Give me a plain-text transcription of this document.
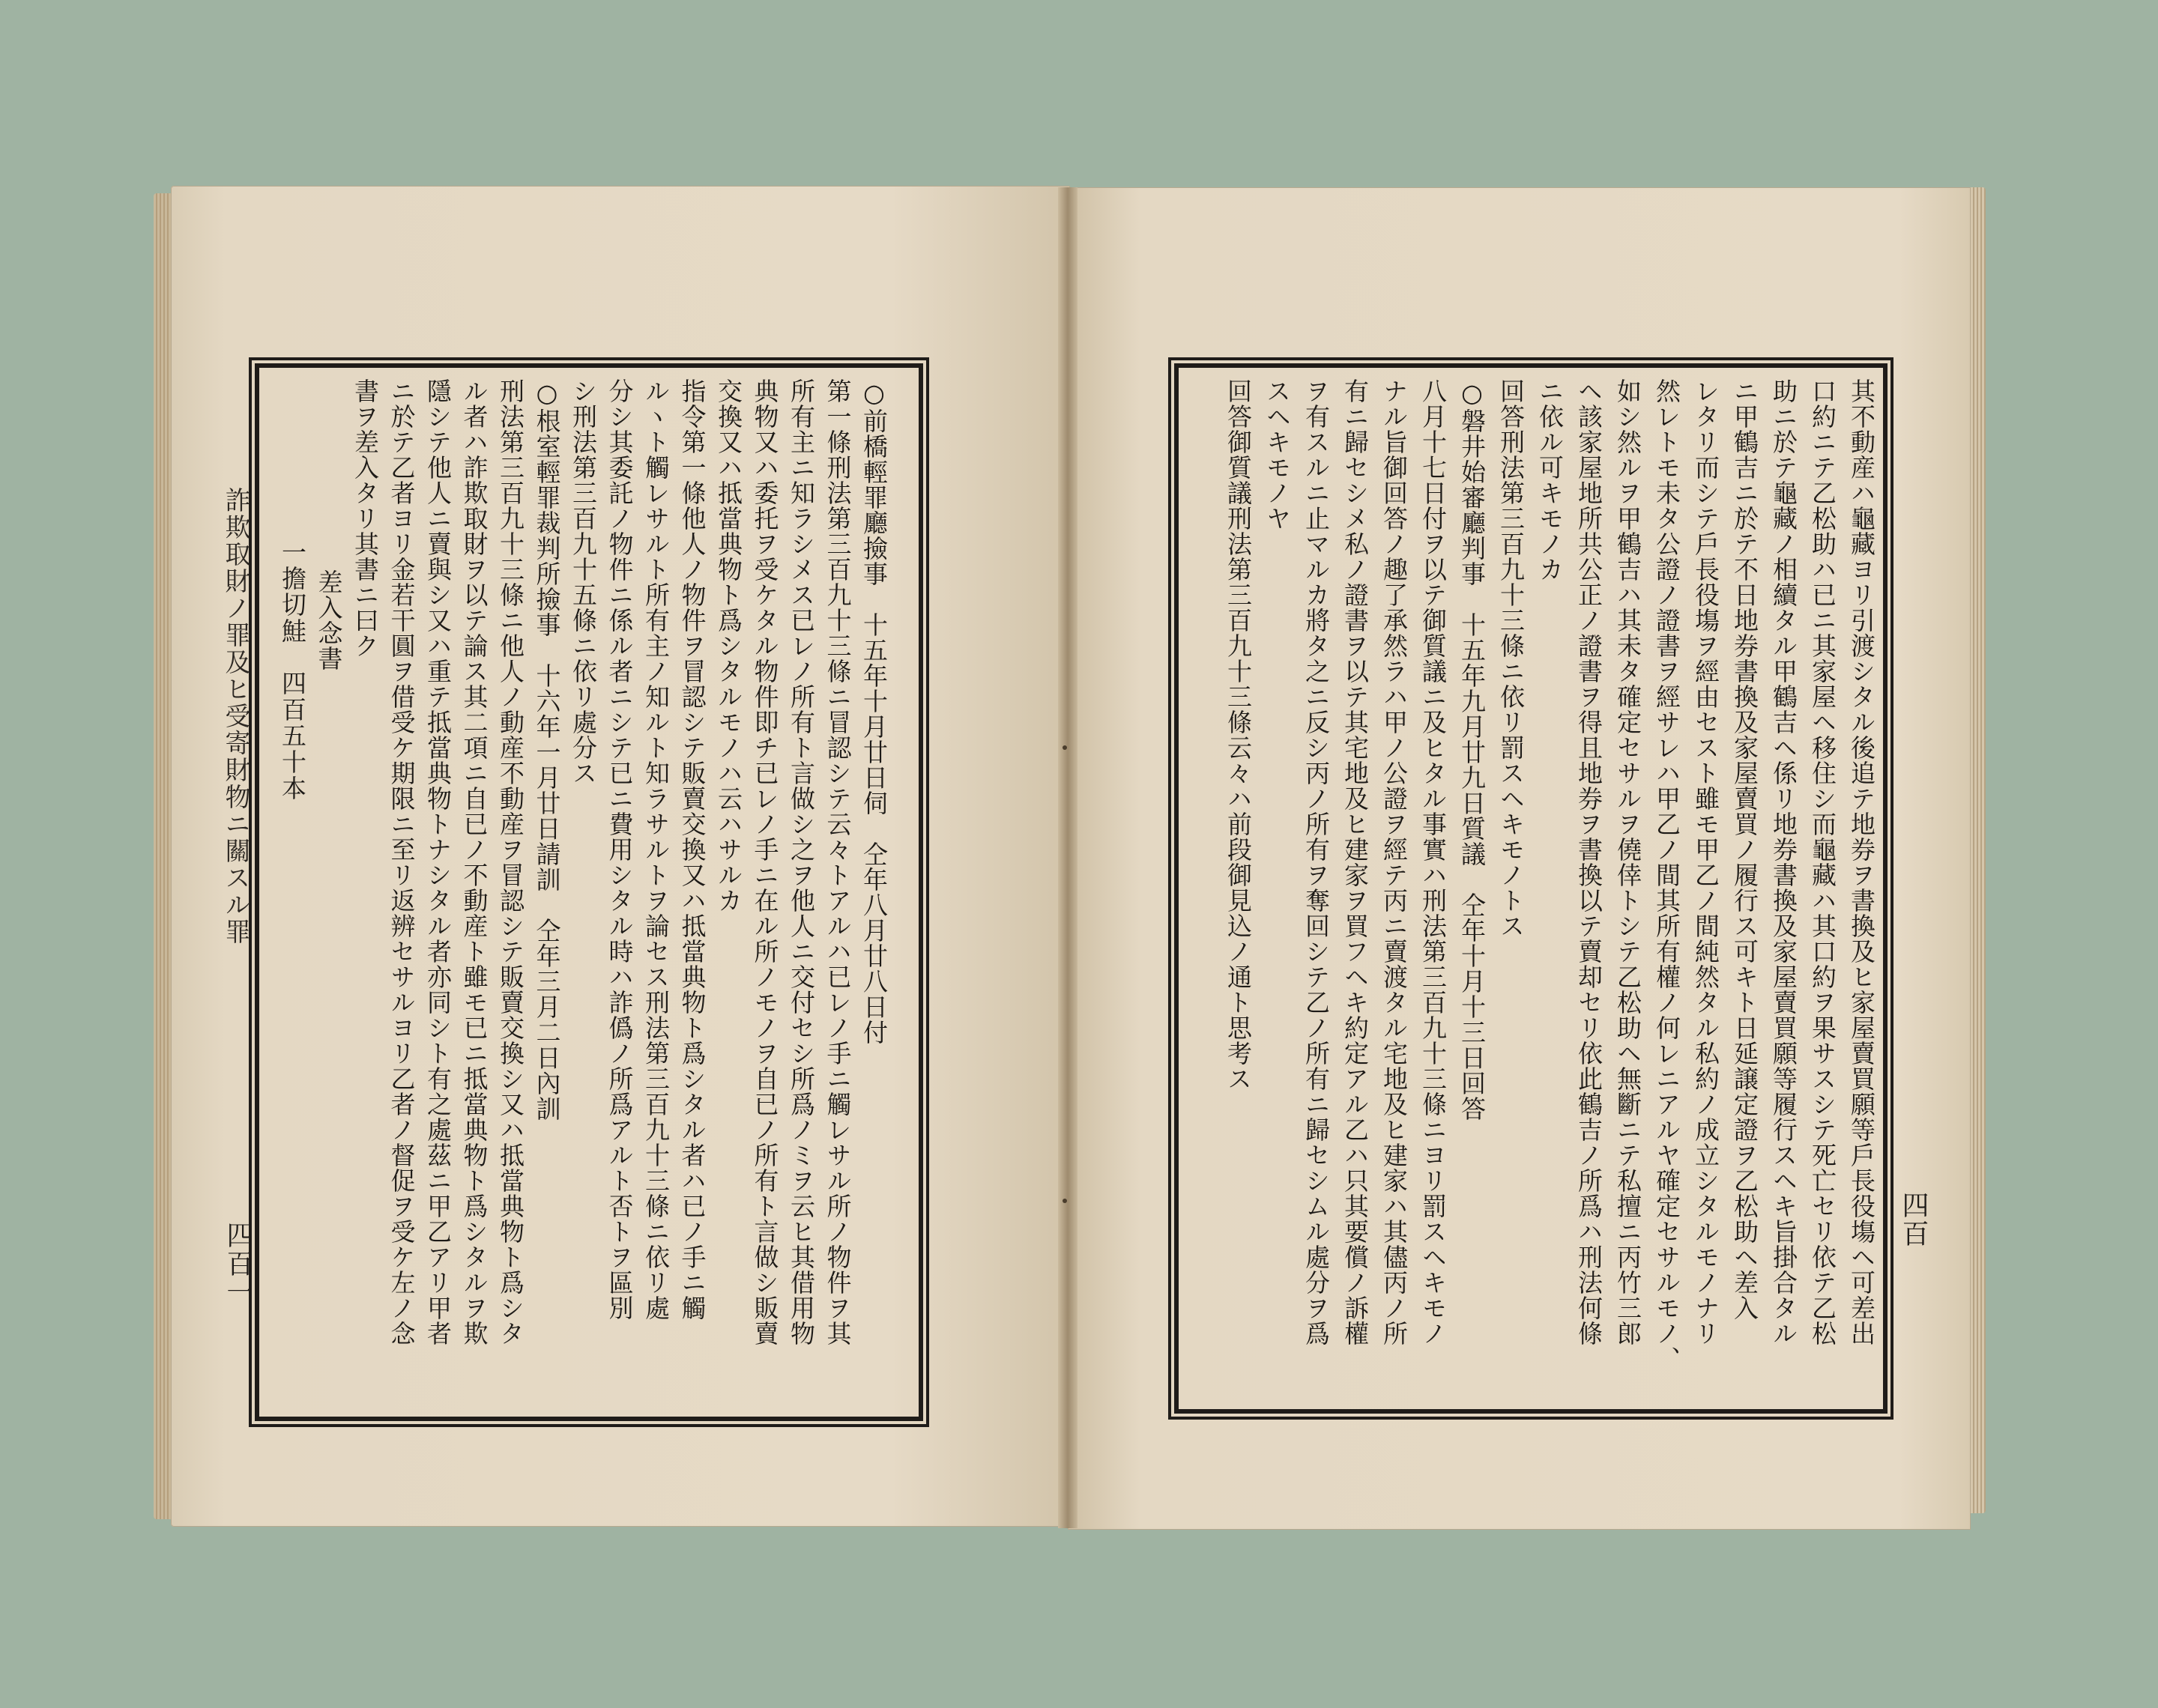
詐欺取財ノ罪及ヒ受寄財物ニ關スル罪
四百一
○前橋輕罪廳撿事　十五年十月廿日伺　仝年八月廿八日付
第一條刑法第三百九十三條ニ冒認シテ云々トアルハ已レノ手ニ觸レサル所ノ物件ヲ其
所有主ニ知ラシメス已レノ所有ト言做シ之ヲ他人ニ交付セシ所爲ノミヲ云ヒ其借用物
典物又ハ委托ヲ受ケタル物件即チ已レノ手ニ在ル所ノモノヲ自已ノ所有ト言做シ販賣
交換又ハ抵當典物ト爲シタルモノハ云ハサルカ
指令第一條他人ノ物件ヲ冒認シテ販賣交換又ハ抵當典物ト爲シタル者ハ已ノ手ニ觸
ルヽト觸レサルト所有主ノ知ルト知ラサルトヲ論セス刑法第三百九十三條ニ依リ處
分シ其委託ノ物件ニ係ル者ニシテ已ニ費用シタル時ハ詐僞ノ所爲アルト否トヲ區別
シ刑法第三百九十五條ニ依リ處分ス
○根室輕罪裁判所撿事　十六年一月廿日請訓　仝年三月二日內訓
刑法第三百九十三條ニ他人ノ動産不動産ヲ冒認シテ販賣交換シ又ハ抵當典物ト爲シタ
ル者ハ詐欺取財ヲ以テ論ス其二項ニ自已ノ不動産ト雖モ已ニ抵當典物ト爲シタルヲ欺
隱シテ他人ニ賣與シ又ハ重テ抵當典物トナシタル者亦同シト有之處茲ニ甲乙アリ甲者
ニ於テ乙者ヨリ金若干圓ヲ借受ケ期限ニ至リ返辨セサルヨリ乙者ノ督促ヲ受ケ左ノ念
書ヲ差入タリ其書ニ曰ク
差入念書
一擔切鮭　四百五十本	其不動産ハ龜藏ヨリ引渡シタル後追テ地券ヲ書換及ヒ家屋賣買願等戶長役塲ヘ可差出
口約ニテ乙松助ハ已ニ其家屋ヘ移住シ而龜藏ハ其口約ヲ果サスシテ死亡セリ依テ乙松
助ニ於テ龜藏ノ相續タル甲鶴吉ヘ係リ地券書換及家屋賣買願等履行スヘキ旨掛合タル
ニ甲鶴吉ニ於テ不日地券書換及家屋賣買ノ履行ス可キト日延譲定證ヲ乙松助ヘ差入
レタリ而シテ戶長役塲ヲ經由セスト雖モ甲乙ノ間純然タル私約ノ成立シタルモノナリ
然レトモ未タ公證ノ證書ヲ經サレハ甲乙ノ間其所有權ノ何レニアルヤ確定セサルモノ、
如シ然ルヲ甲鶴吉ハ其未タ確定セサルヲ僥倖トシテ乙松助ヘ無斷ニテ私擅ニ丙竹三郎
ヘ該家屋地所共公正ノ證書ヲ得且地券ヲ書換以テ賣却セリ依此鶴吉ノ所爲ハ刑法何條
ニ依ル可キモノカ
回答刑法第三百九十三條ニ依リ罰スヘキモノトス
○磐井始審廳判事　十五年九月廿九日質議　仝年十月十三日回答
八月十七日付ヲ以テ御質議ニ及ヒタル事實ハ刑法第三百九十三條ニヨリ罰スヘキモノ
ナル旨御回答ノ趣了承然ラハ甲ノ公證ヲ經テ丙ニ賣渡タル宅地及ヒ建家ハ其儘丙ノ所
有ニ歸セシメ私ノ證書ヲ以テ其宅地及ヒ建家ヲ買フヘキ約定アル乙ハ只其要償ノ訴權
ヲ有スルニ止マルカ將タ之ニ反シ丙ノ所有ヲ奪回シテ乙ノ所有ニ歸セシムル處分ヲ爲
スヘキモノヤ
回答御質議刑法第三百九十三條云々ハ前段御見込ノ通ト思考ス
四百
